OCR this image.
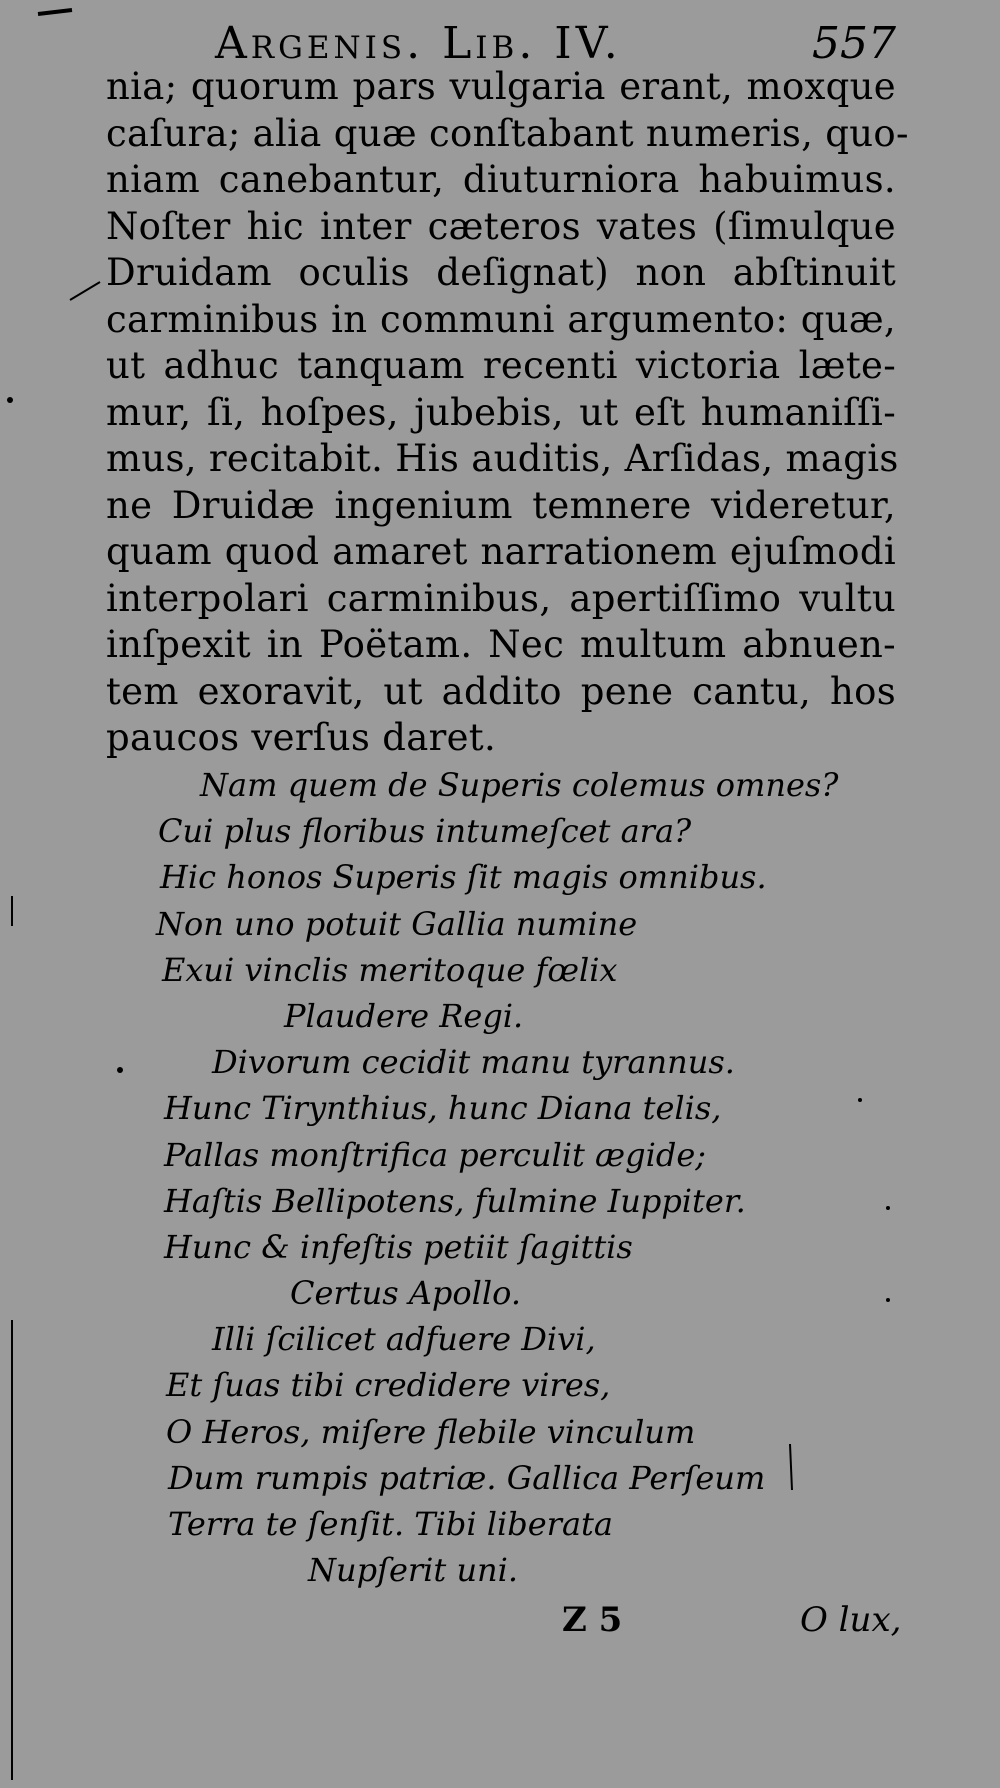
Argenis. Lib. IV.	557
nia; quorum pars vulgaria erant, moxque
caſura; alia quæ conſtabant numeris, quo-
niam canebantur, diuturniora habuimus.
Noſter hic inter cæteros vates (ſimulque
Druidam oculis deſignat) non abſtinuit
carminibus in communi argumento: quæ,
ut adhuc tanquam recenti victoria læte-
mur, ſi, hoſpes, jubebis, ut eſt humaniſſi-
mus, recitabit. His auditis, Arſidas, magis
ne Druidæ ingenium temnere videretur,
quam quod amaret narrationem ejuſmodi
interpolari carminibus, apertiſſimo vultu
inſpexit in Poëtam. Nec multum abnuen-
tem exoravit, ut addito pene cantu, hos
paucos verſus daret.
Nam quem de Superis colemus omnes?
Cui plus floribus intumeſcet ara?
Hic honos Superis ſit magis omnibus.
Non uno potuit Gallia numine
Exui vinclis meritoque fœlix
Plaudere Regi.
Divorum cecidit manu tyrannus.
Hunc Tirynthius, hunc Diana telis,
Pallas monſtrifica perculit ægide;
Haſtis Bellipotens, fulmine Iuppiter.
Hunc & infeſtis petiit ſagittis
Certus Apollo.
Illi ſcilicet adfuere Divi,
Et ſuas tibi credidere vires,
O Heros, miſere flebile vinculum
Dum rumpis patriæ. Gallica Perſeum
Terra te ſenſit. Tibi liberata
Nupſerit uni.
Z 5	O lux,
